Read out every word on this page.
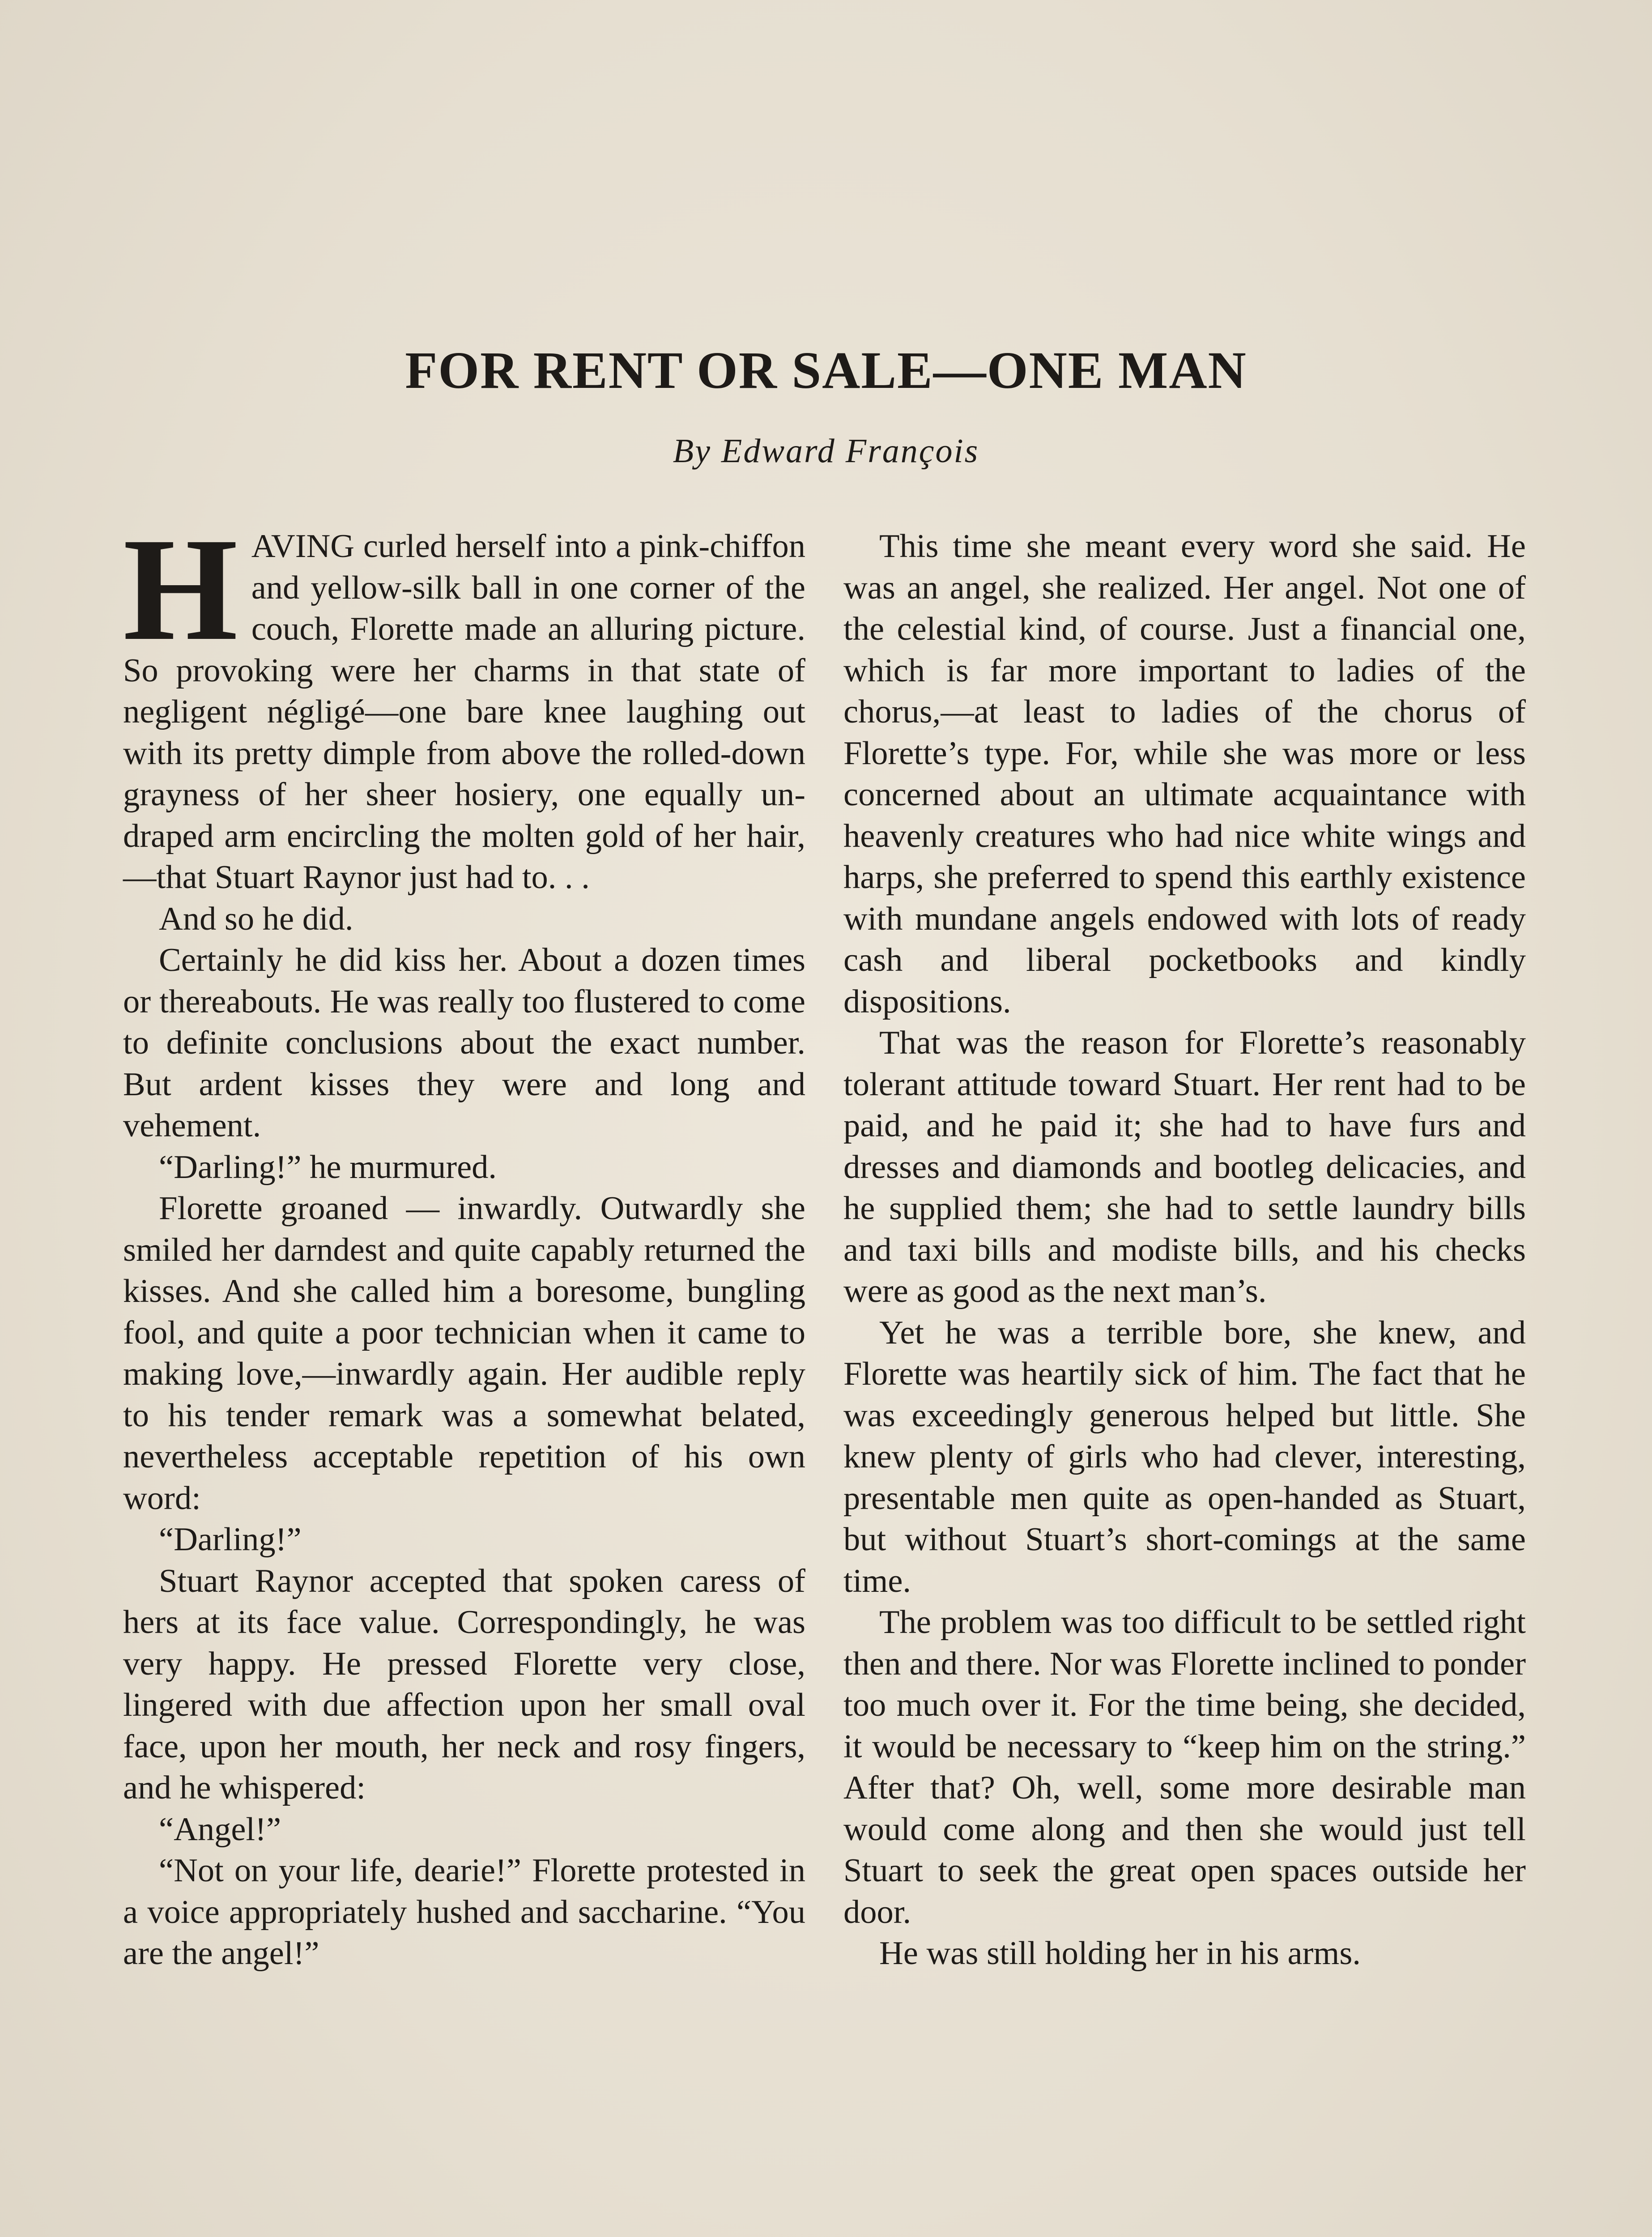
FOR RENT OR SALE—ONE MAN
By Edward François

HAVING curled herself into a pink-chiffon and yellow-silk ball in one corner of the couch, Florette made an alluring picture. So provoking were her charms in that state of negligent négligé—one bare knee laughing out with its pretty dimple from above the rolled-down grayness of her sheer hosiery, one equally undraped arm encircling the molten gold of her hair,—that Stuart Raynor just had to. . .

And so he did.

Certainly he did kiss her. About a dozen times or thereabouts. He was really too flustered to come to definite conclusions about the exact number. But ardent kisses they were and long and vehement.

“Darling!” he murmured.

Florette groaned — inwardly. Outwardly she smiled her darndest and quite capably returned the kisses. And she called him a boresome, bungling fool, and quite a poor technician when it came to making love,—inwardly again. Her audible reply to his tender remark was a somewhat belated, nevertheless acceptable repetition of his own word:

“Darling!”

Stuart Raynor accepted that spoken caress of hers at its face value. Correspondingly, he was very happy. He pressed Florette very close, lingered with due affection upon her small oval face, upon her mouth, her neck and rosy fingers, and he whispered:

“Angel!”

“Not on your life, dearie!” Florette protested in a voice appropriately hushed and saccharine. “You are the angel!”

This time she meant every word she said. He was an angel, she realized. Her angel. Not one of the celestial kind, of course. Just a financial one, which is far more important to ladies of the chorus,—at least to ladies of the chorus of Florette’s type. For, while she was more or less concerned about an ultimate acquaintance with heavenly creatures who had nice white wings and harps, she preferred to spend this earthly existence with mundane angels endowed with lots of ready cash and liberal pocketbooks and kindly dispositions.

That was the reason for Florette’s reasonably tolerant attitude toward Stuart. Her rent had to be paid, and he paid it; she had to have furs and dresses and diamonds and bootleg delicacies, and he supplied them; she had to settle laundry bills and taxi bills and modiste bills, and his checks were as good as the next man’s.

Yet he was a terrible bore, she knew, and Florette was heartily sick of him. The fact that he was exceedingly generous helped but little. She knew plenty of girls who had clever, interesting, presentable men quite as open-handed as Stuart, but without Stuart’s short-comings at the same time.

The problem was too difficult to be settled right then and there. Nor was Florette inclined to ponder too much over it. For the time being, she decided, it would be necessary to “keep him on the string.” After that? Oh, well, some more desirable man would come along and then she would just tell Stuart to seek the great open spaces outside her door.

He was still holding her in his arms.
